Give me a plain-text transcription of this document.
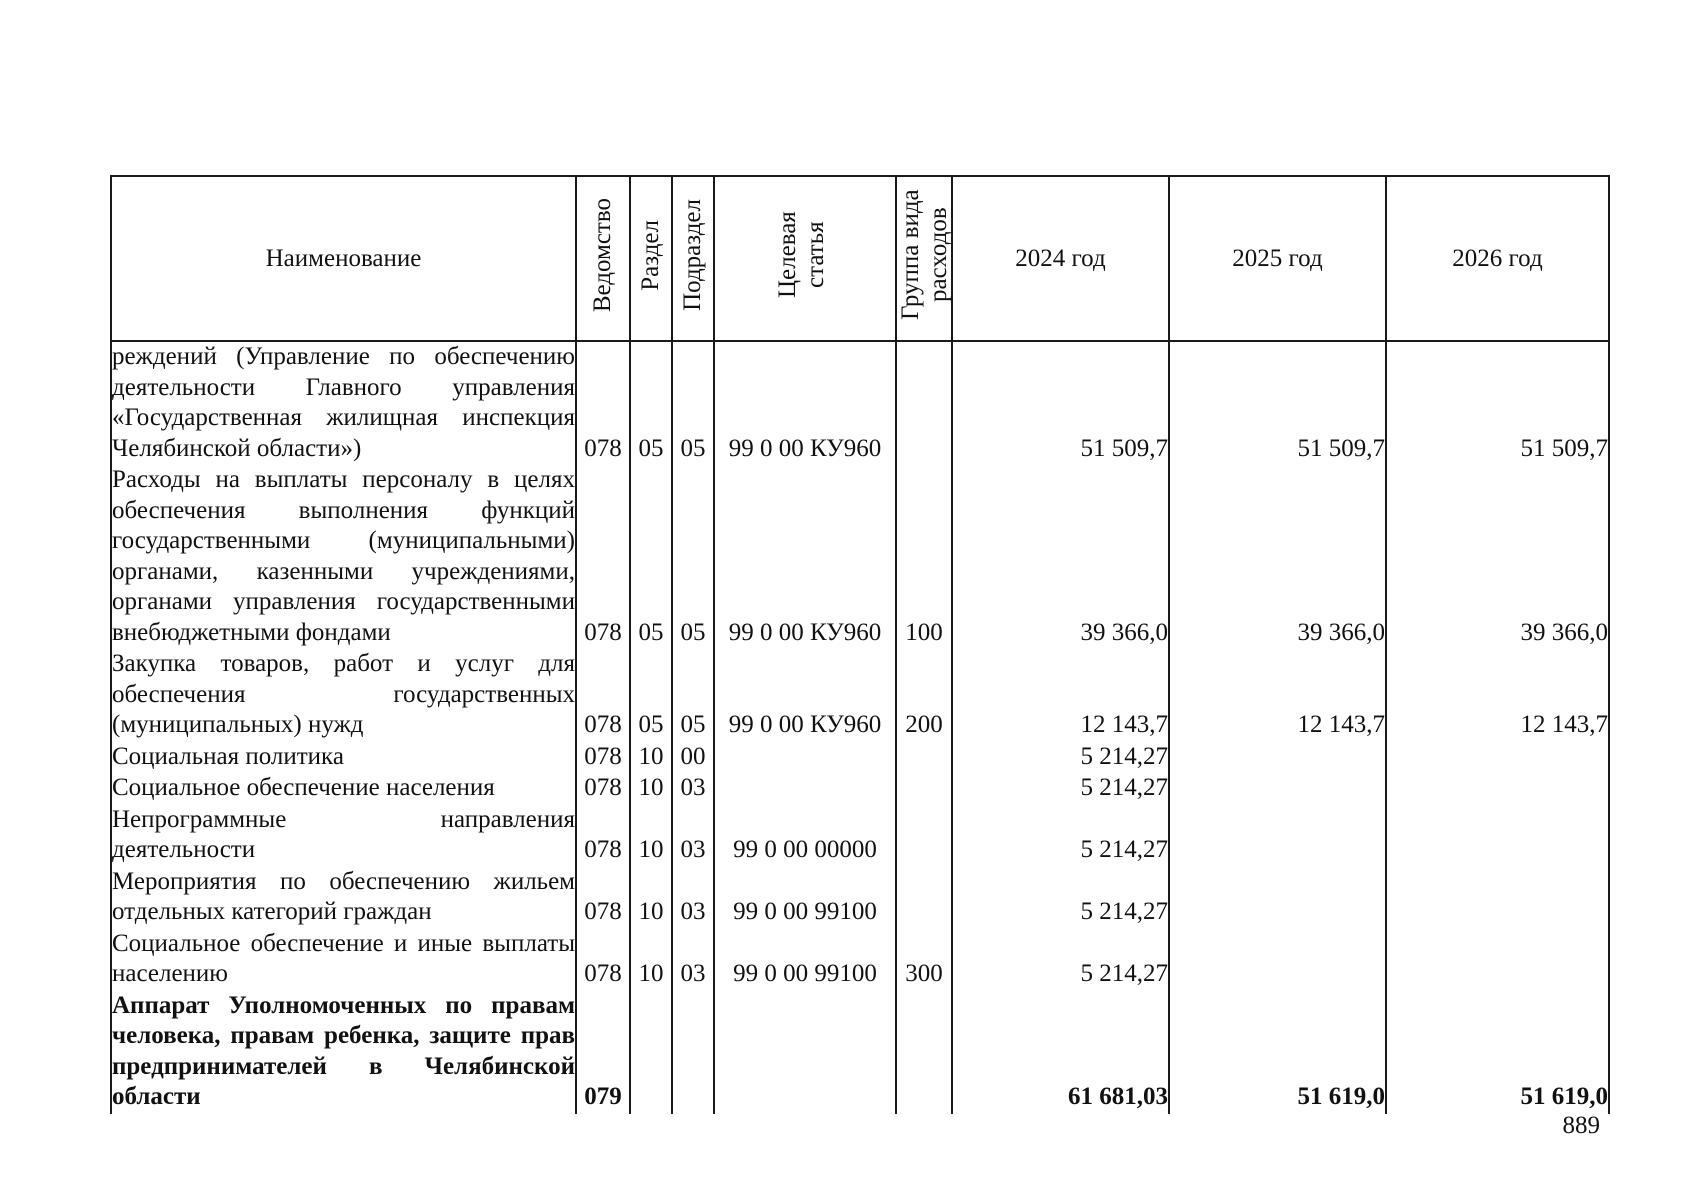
Наименование	Ведомство	Раздел	Подраздел	Целевая статья	Группа вида расходов	2024 год	2025 год	2026 год
реждений (Управление по обеспечению деятельности Главного управления «Государственная жилищная инспекция Челябинской области»)	078	05	05	99 0 00 КУ960		51 509,7	51 509,7	51 509,7
Расходы на выплаты персоналу в целях обеспечения выполнения функций государственными (муниципальными) органами, казенными учреждениями, органами управления государственными внебюджетными фондами	078	05	05	99 0 00 КУ960	100	39 366,0	39 366,0	39 366,0
Закупка товаров, работ и услуг для обеспечения государственных (муниципальных) нужд	078	05	05	99 0 00 КУ960	200	12 143,7	12 143,7	12 143,7
Социальная политика	078	10	00			5 214,27		
Социальное обеспечение населения	078	10	03			5 214,27		
Непрограммные направления деятельности	078	10	03	99 0 00 00000		5 214,27		
Мероприятия по обеспечению жильем отдельных категорий граждан	078	10	03	99 0 00 99100		5 214,27		
Социальное обеспечение и иные выплаты населению	078	10	03	99 0 00 99100	300	5 214,27		
Аппарат Уполномоченных по правам человека, правам ребенка, защите прав предпринимателей в Челябинской области	079					61 681,03	51 619,0	51 619,0
889
